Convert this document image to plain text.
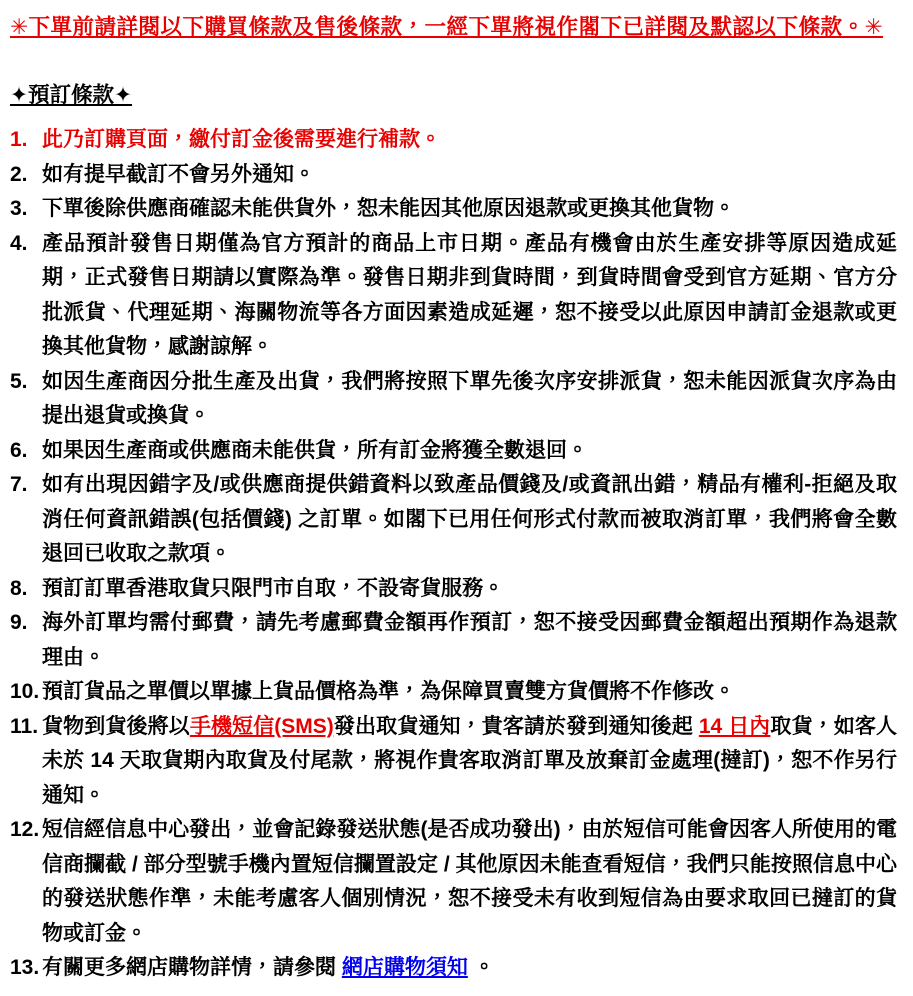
✳下單前請詳閱以下購買條款及售後條款，一經下單將視作閣下已詳閱及默認以下條款。✳

✦預訂條款✦
1. 此乃訂購頁面，繳付訂金後需要進行補款。
2. 如有提早截訂不會另外通知。
3. 下單後除供應商確認未能供貨外，恕未能因其他原因退款或更換其他貨物。
4. 產品預計發售日期僅為官方預計的商品上市日期。產品有機會由於生產安排等原因造成延期，正式發售日期請以實際為準。發售日期非到貨時間，到貨時間會受到官方延期、官方分批派貨、代理延期、海關物流等各方面因素造成延遲，恕不接受以此原因申請訂金退款或更換其他貨物，感謝諒解。
5. 如因生產商因分批生產及出貨，我們將按照下單先後次序安排派貨，恕未能因派貨次序為由提出退貨或換貨。
6. 如果因生產商或供應商未能供貨，所有訂金將獲全數退回。
7. 如有出現因錯字及/或供應商提供錯資料以致產品價錢及/或資訊出錯，精品有權利-拒絕及取消任何資訊錯誤(包括價錢) 之訂單。如閣下已用任何形式付款而被取消訂單，我們將會全數退回已收取之款項。
8. 預訂訂單香港取貨只限門市自取，不設寄貨服務。
9. 海外訂單均需付郵費，請先考慮郵費金額再作預訂，恕不接受因郵費金額超出預期作為退款理由。
10. 預訂貨品之單價以單據上貨品價格為準，為保障買賣雙方貨價將不作修改。
11. 貨物到貨後將以手機短信(SMS)發出取貨通知，貴客請於發到通知後起 14 日內取貨，如客人未於 14 天取貨期內取貨及付尾款，將視作貴客取消訂單及放棄訂金處理(撻訂)，恕不作另行通知。
12. 短信經信息中心發出，並會記錄發送狀態(是否成功發出)，由於短信可能會因客人所使用的電信商攔截 / 部分型號手機內置短信攔置設定 / 其他原因未能查看短信，我們只能按照信息中心的發送狀態作準，未能考慮客人個別情況，恕不接受未有收到短信為由要求取回已撻訂的貨物或訂金。
13. 有關更多網店購物詳情，請參閱 網店購物須知 。
